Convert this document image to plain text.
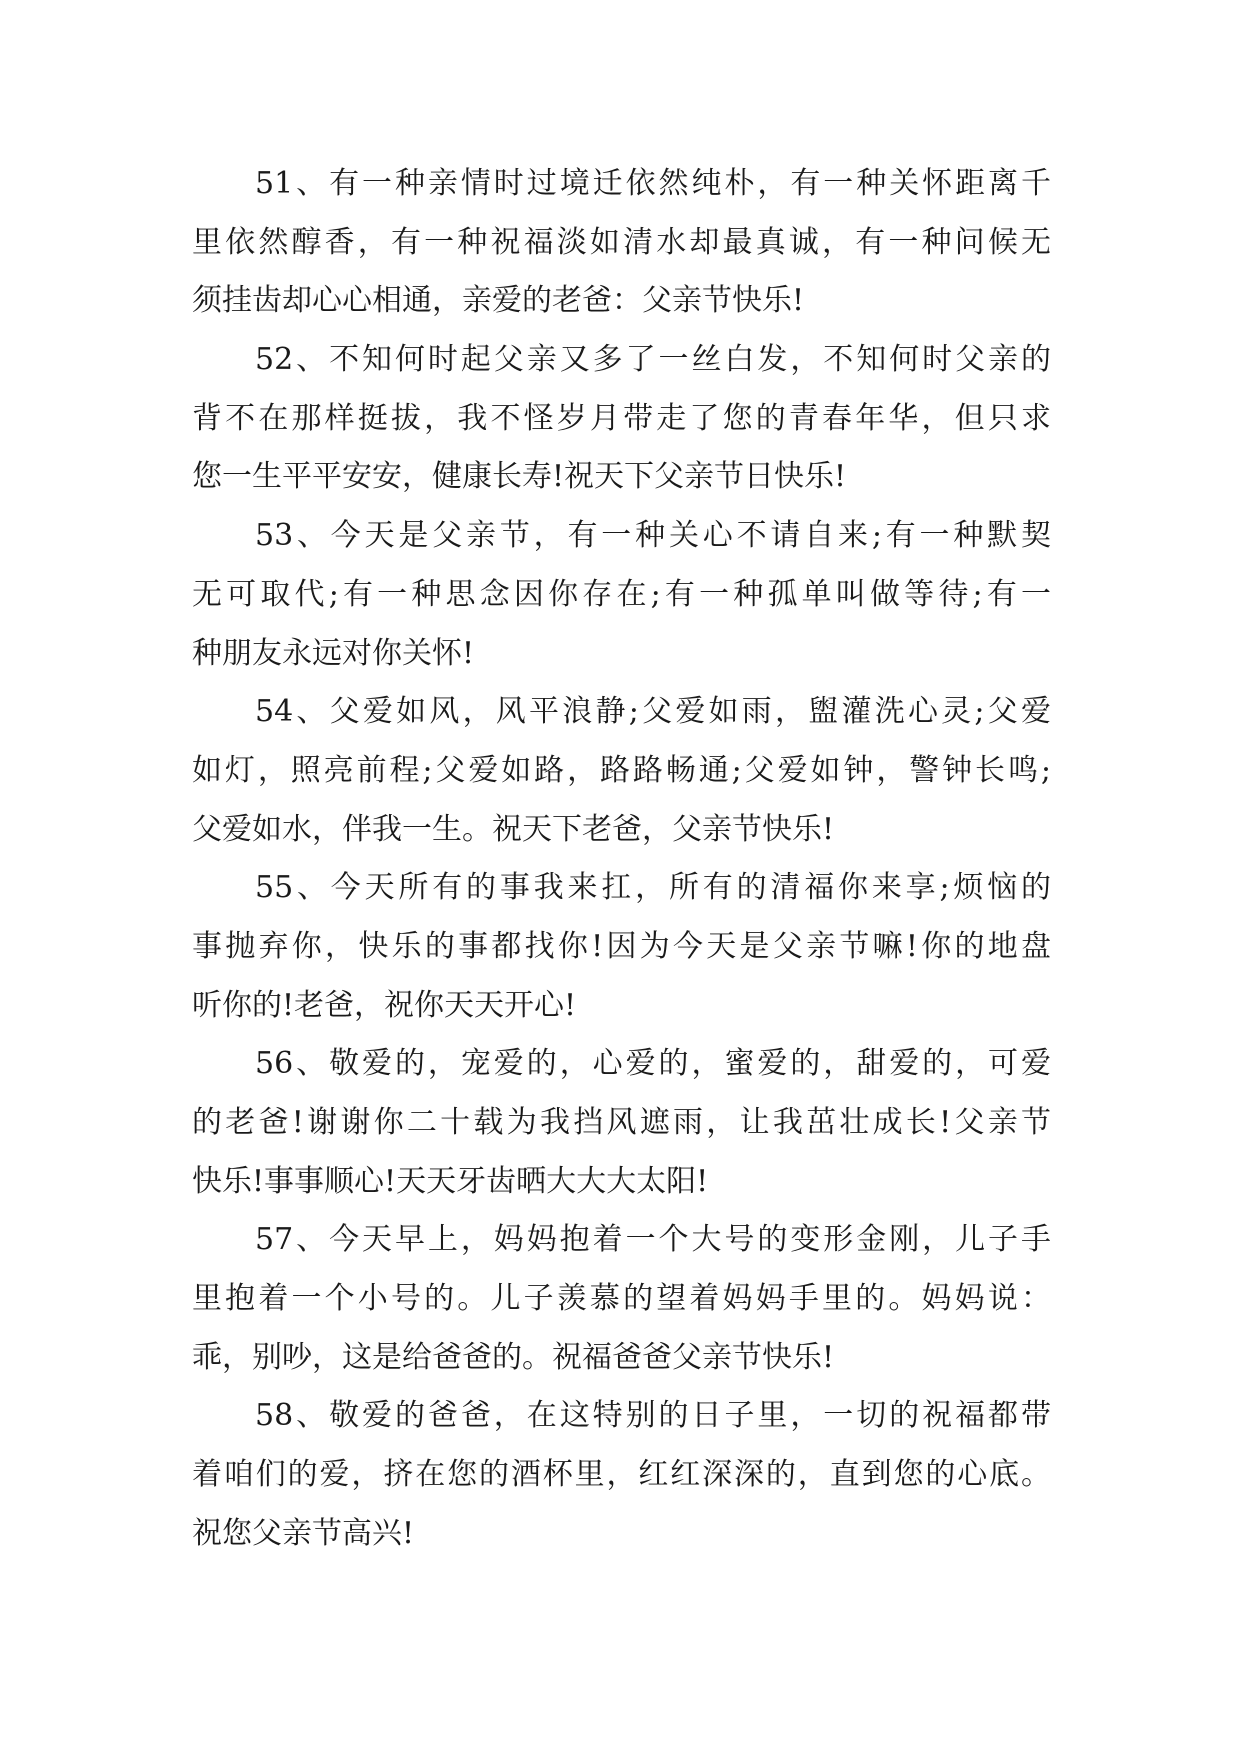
51、有一种亲情时过境迁依然纯朴，有一种关怀距离千
里依然醇香，有一种祝福淡如清水却最真诚，有一种问候无
须挂齿却心心相通，亲爱的老爸：父亲节快乐!
52、不知何时起父亲又多了一丝白发，不知何时父亲的
背不在那样挺拔，我不怪岁月带走了您的青春年华，但只求
您一生平平安安，健康长寿!祝天下父亲节日快乐!
53、今天是父亲节，有一种关心不请自来;有一种默契
无可取代;有一种思念因你存在;有一种孤单叫做等待;有一
种朋友永远对你关怀!
54、父爱如风，风平浪静;父爱如雨，盥灌洗心灵;父爱
如灯，照亮前程;父爱如路，路路畅通;父爱如钟，警钟长鸣;
父爱如水，伴我一生。祝天下老爸，父亲节快乐!
55、今天所有的事我来扛，所有的清福你来享;烦恼的
事抛弃你，快乐的事都找你!因为今天是父亲节嘛!你的地盘
听你的!老爸，祝你天天开心!
56、敬爱的，宠爱的，心爱的，蜜爱的，甜爱的，可爱
的老爸!谢谢你二十载为我挡风遮雨，让我茁壮成长!父亲节
快乐!事事顺心!天天牙齿晒大大大太阳!
57、今天早上，妈妈抱着一个大号的变形金刚，儿子手
里抱着一个小号的。儿子羡慕的望着妈妈手里的。妈妈说：
乖，别吵，这是给爸爸的。祝福爸爸父亲节快乐!
58、敬爱的爸爸，在这特别的日子里，一切的祝福都带
着咱们的爱，挤在您的酒杯里，红红深深的，直到您的心底。
祝您父亲节高兴!
